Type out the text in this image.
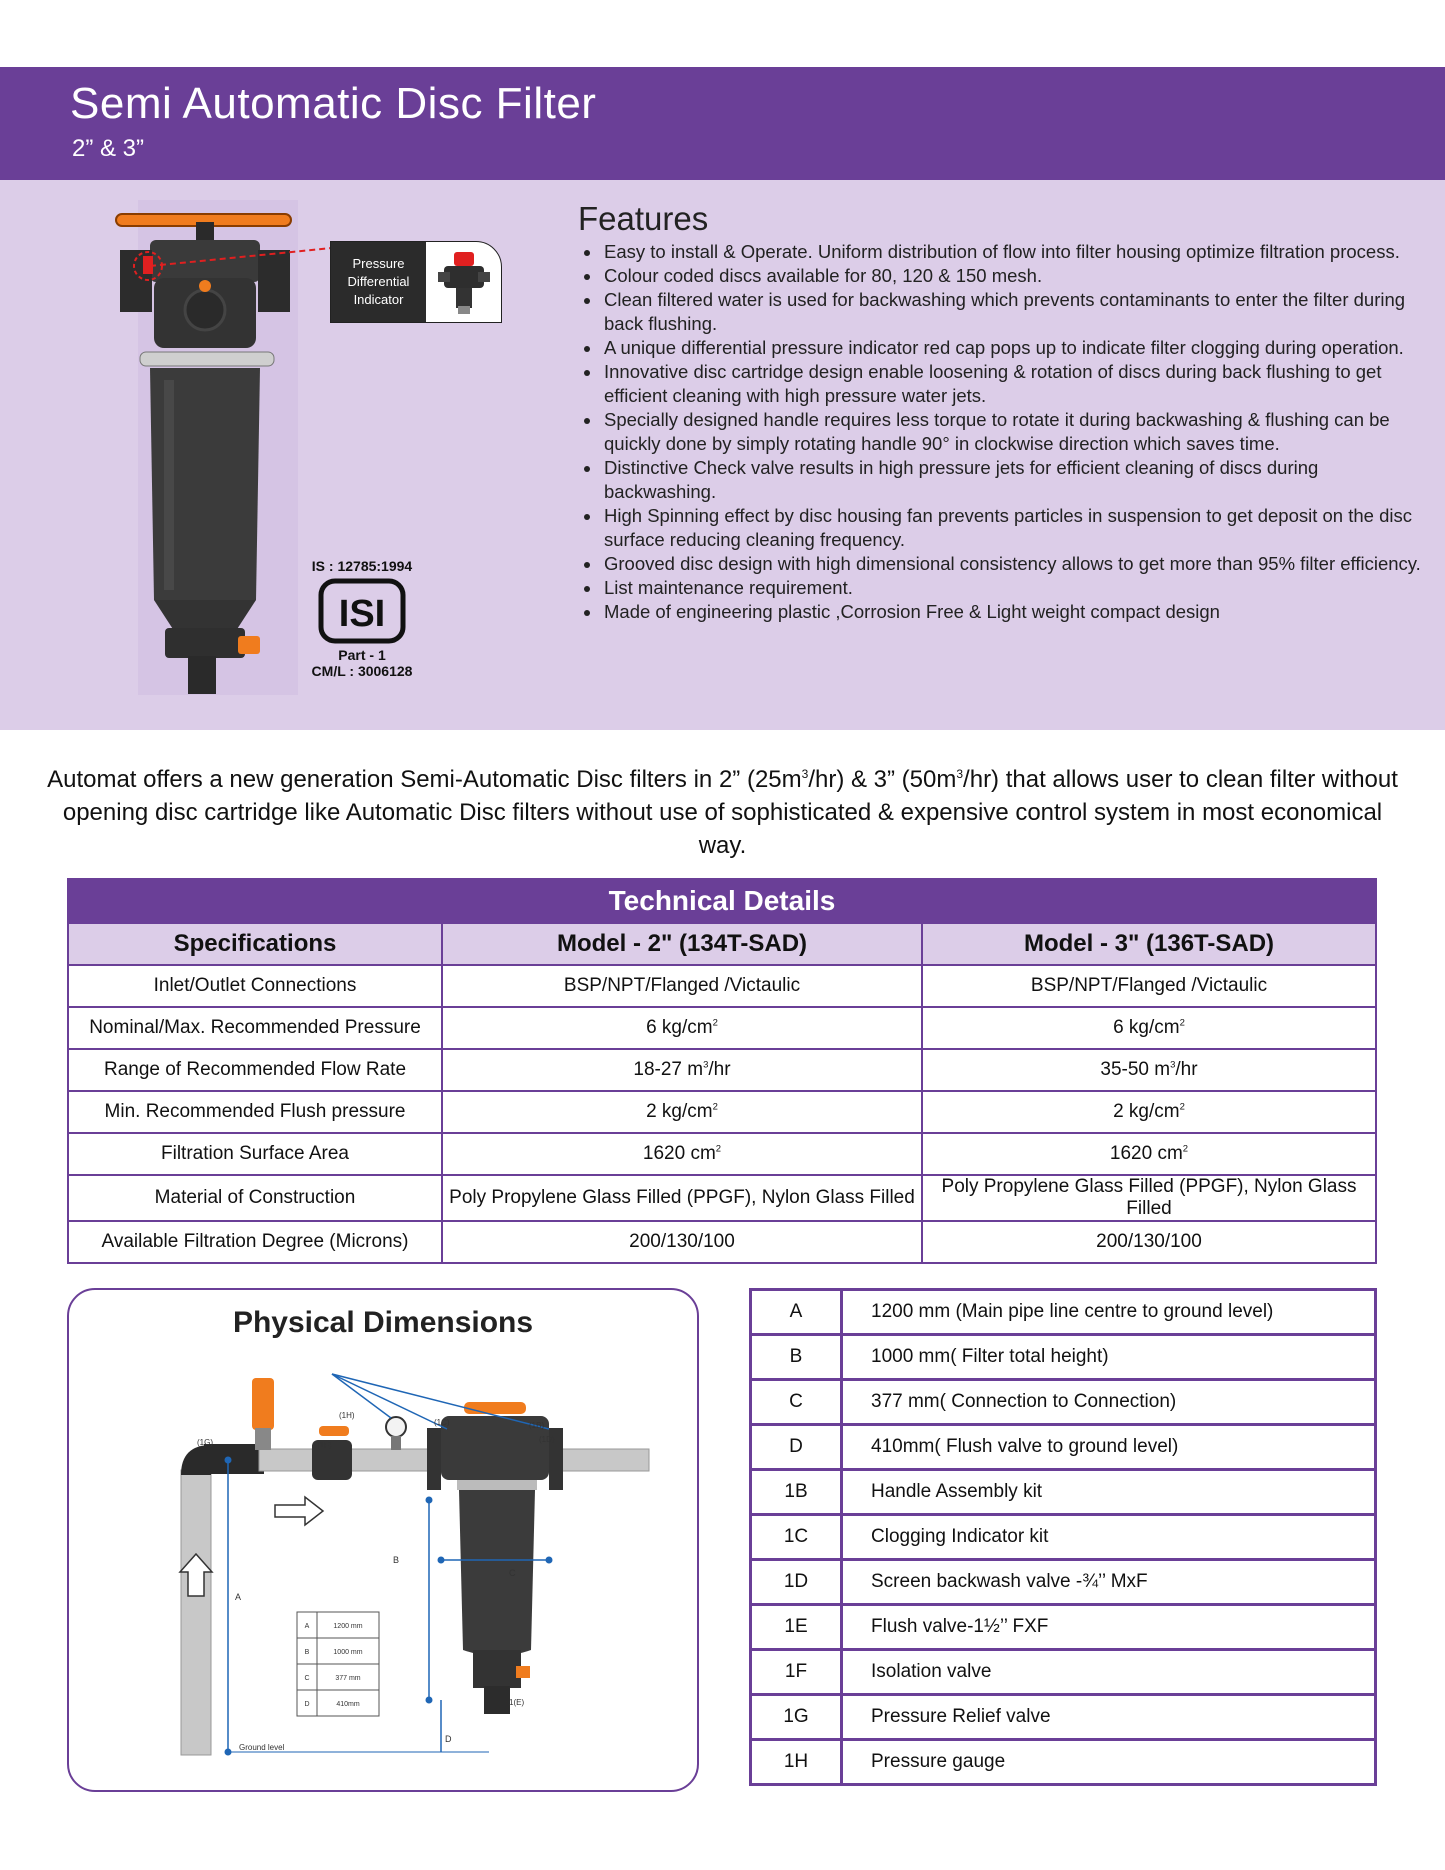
Semi Automatic Disc Filter
2” & 3”
Pressure
Differential
Indicator
IS : 12785:1994
ISI
Part - 1
CM/L : 3006128
Features
• Easy to install & Operate. Uniform distribution of flow into filter housing optimize filtration process.
• Colour coded discs available for 80, 120 & 150 mesh.
• Clean filtered water is used for backwashing which prevents contaminants to enter the filter during back flushing.
• A unique differential pressure indicator red cap pops up to indicate filter clogging during operation.
• Innovative disc cartridge design enable loosening & rotation of discs during back flushing to get efficient cleaning with high pressure water jets.
• Specially designed handle requires less torque to rotate it during backwashing & flushing can be quickly done by simply rotating handle 90° in clockwise direction which saves time.
• Distinctive Check valve results in high pressure jets for efficient cleaning of discs during backwashing.
• High Spinning effect by disc housing fan prevents particles in suspension to get deposit on the disc surface reducing cleaning frequency.
• Grooved disc design with high dimensional consistency allows to get more than 95% filter efficiency.
• List maintenance requirement.
• Made of engineering plastic ,Corrosion Free & Light weight compact design
Automat offers a new generation Semi-Automatic Disc filters in 2” $(25m^3/hr)$ & 3” $(50m^3/hr)$ that allows user to clean filter without opening disc cartridge like Automatic Disc filters without use of sophisticated & expensive control system in most economical way.
Technical Details		
Specifications	Model - 2" (134T-SAD)	Model - 3" (136T-SAD)
Inlet/Outlet Connections	BSP/NPT/Flanged /Victaulic	BSP/NPT/Flanged /Victaulic
Nominal/Max. Recommended Pressure	6 $kg/cm^2$	6 $kg/cm^2$
Range of Recommended Flow Rate	18-27 $m^3/hr$	35-50 $m^3/hr$
Min. Recommended Flush pressure	2 $kg/cm^2$	2 $kg/cm^2$
Filtration Surface Area	1620 $cm^2$	1620 $cm^2$
Material of Construction	Poly Propylene Glass Filled (PPGF), Nylon Glass Filled	Poly Propylene Glass Filled (PPGF), Nylon Glass Filled
Available Filtration Degree (Microns)	200/130/100	200/130/100
Physical Dimensions
(1G)	(1F)
(1H)
(1C)	(1B)
(1D)
1(E)
A
B
C
D
Ground level
A	1200 mm
B	1000 mm
C	377 mm
D	410mm
A	1200 mm (Main pipe line centre to ground level)
B	1000 mm( Filter total height)
C	377 mm( Connection to Connection)
D	410mm( Flush valve to ground level)
1B	Handle Assembly kit
1C	Clogging Indicator kit
1D	Screen backwash valve -¾’’ MxF
1E	Flush valve-1½’’ FXF
1F	Isolation valve
1G	Pressure Relief valve
1H	Pressure gauge
